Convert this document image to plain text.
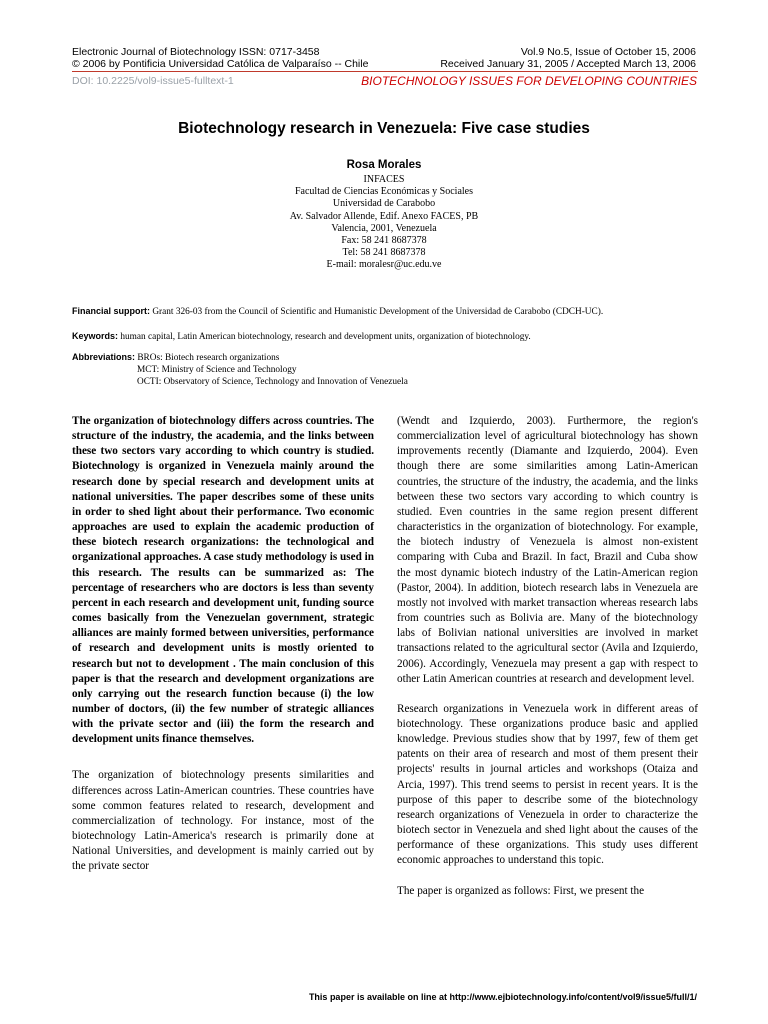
Electronic Journal of Biotechnology ISSN: 0717-3458
© 2006 by Pontificia Universidad Católica de Valparaíso -- Chile
Vol.9 No.5, Issue of October 15, 2006
Received January 31, 2005 / Accepted March 13, 2006
DOI: 10.2225/vol9-issue5-fulltext-1	BIOTECHNOLOGY ISSUES FOR DEVELOPING COUNTRIES
Biotechnology research in Venezuela: Five case studies
Rosa Morales
INFACES
Facultad de Ciencias Económicas y Sociales
Universidad de Carabobo
Av. Salvador Allende, Edif. Anexo FACES, PB
Valencia, 2001, Venezuela
Fax: 58 241 8687378
Tel: 58 241 8687378
E-mail: moralesr@uc.edu.ve
Financial support: Grant 326-03 from the Council of Scientific and Humanistic Development of the Universidad de Carabobo (CDCH-UC).
Keywords: human capital, Latin American biotechnology, research and development units, organization of biotechnology.
Abbreviations: BROs: Biotech research organizations
MCT: Ministry of Science and Technology
OCTI: Observatory of Science, Technology and Innovation of Venezuela

The organization of biotechnology differs across countries. The structure of the industry, the academia, and the links between these two sectors vary according to which country is studied. Biotechnology is organized in Venezuela mainly around the research done by special research and development units at national universities. The paper describes some of these units in order to shed light about their performance. Two economic approaches are used to explain the academic production of these biotech research organizations: the technological and organizational approaches. A case study methodology is used in this research. The results can be summarized as: The percentage of researchers who are doctors is less than seventy percent in each research and development unit, funding source comes basically from the Venezuelan government, strategic alliances are mainly formed between universities, performance of research and development units is mostly oriented to research but not to development . The main conclusion of this paper is that the research and development organizations are only carrying out the research function because (i) the low number of doctors, (ii) the few number of strategic alliances with the private sector and (iii) the form the research and development units finance themselves.

The organization of biotechnology presents similarities and differences across Latin-American countries. These countries have some common features related to research, development and commercialization of technology. For instance, most of the biotechnology Latin-America's research is primarily done at National Universities, and development is mainly carried out by the private sector

(Wendt and Izquierdo, 2003). Furthermore, the region's commercialization level of agricultural biotechnology has shown improvements recently (Diamante and Izquierdo, 2004). Even though there are some similarities among Latin-American countries, the structure of the industry, the academia, and the links between these two sectors vary according to which country is studied. Even countries in the same region present different characteristics in the organization of biotechnology. For example, the biotech industry of Venezuela is almost non-existent comparing with Cuba and Brazil. In fact, Brazil and Cuba show the most dynamic biotech industry of the Latin-American region (Pastor, 2004). In addition, biotech research labs in Venezuela are mostly not involved with market transaction whereas research labs from countries such as Bolivia are. Many of the biotechnology labs of Bolivian national universities are involved in market transactions related to the agricultural sector (Avila and Izquierdo, 2006). Accordingly, Venezuela may present a gap with respect to other Latin American countries at research and development level.

Research organizations in Venezuela work in different areas of biotechnology. These organizations produce basic and applied knowledge. Previous studies show that by 1997, few of them get patents on their area of research and most of them present their projects' results in journal articles and workshops (Otaiza and Arcia, 1997). This trend seems to persist in recent years. It is the purpose of this paper to describe some of the biotechnology research organizations of Venezuela in order to characterize the biotech sector in Venezuela and shed light about the causes of the performance of these organizations. This study uses different economic approaches to understand this topic.

The paper is organized as follows: First, we present the

This paper is available on line at http://www.ejbiotechnology.info/content/vol9/issue5/full/1/
